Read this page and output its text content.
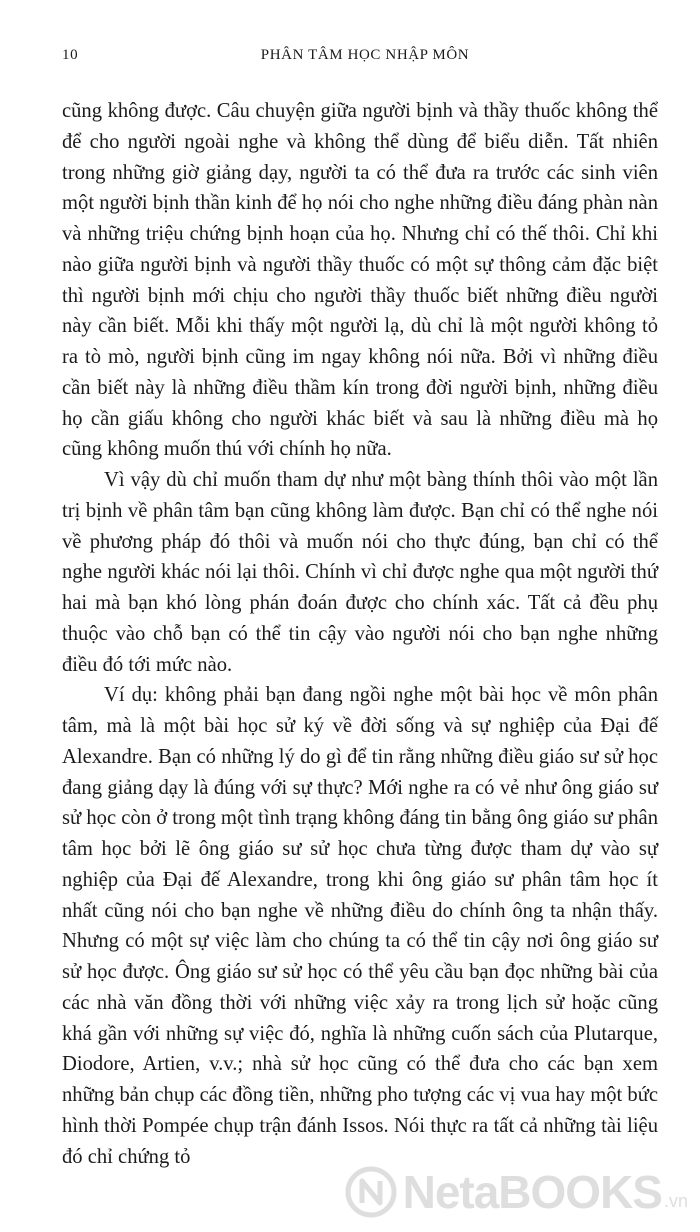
10	PHÂN TÂM HỌC NHẬP MÔN

cũng không được. Câu chuyện giữa người bịnh và thầy thuốc không thể để cho người ngoài nghe và không thể dùng để biểu diễn. Tất nhiên trong những giờ giảng dạy, người ta có thể đưa ra trước các sinh viên một người bịnh thần kinh để họ nói cho nghe những điều đáng phàn nàn và những triệu chứng bịnh hoạn của họ. Nhưng chỉ có thế thôi. Chỉ khi nào giữa người bịnh và người thầy thuốc có một sự thông cảm đặc biệt thì người bịnh mới chịu cho người thầy thuốc biết những điều người này cần biết. Mỗi khi thấy một người lạ, dù chỉ là một người không tỏ ra tò mò, người bịnh cũng im ngay không nói nữa. Bởi vì những điều cần biết này là những điều thầm kín trong đời người bịnh, những điều họ cần giấu không cho người khác biết và sau là những điều mà họ cũng không muốn thú với chính họ nữa.

Vì vậy dù chỉ muốn tham dự như một bàng thính thôi vào một lần trị bịnh về phân tâm bạn cũng không làm được. Bạn chỉ có thể nghe nói về phương pháp đó thôi và muốn nói cho thực đúng, bạn chỉ có thể nghe người khác nói lại thôi. Chính vì chỉ được nghe qua một người thứ hai mà bạn khó lòng phán đoán được cho chính xác. Tất cả đều phụ thuộc vào chỗ bạn có thể tin cậy vào người nói cho bạn nghe những điều đó tới mức nào.

Ví dụ: không phải bạn đang ngồi nghe một bài học về môn phân tâm, mà là một bài học sử ký về đời sống và sự nghiệp của Đại đế Alexandre. Bạn có những lý do gì để tin rằng những điều giáo sư sử học đang giảng dạy là đúng với sự thực? Mới nghe ra có vẻ như ông giáo sư sử học còn ở trong một tình trạng không đáng tin bằng ông giáo sư phân tâm học bởi lẽ ông giáo sư sử học chưa từng được tham dự vào sự nghiệp của Đại đế Alexandre, trong khi ông giáo sư phân tâm học ít nhất cũng nói cho bạn nghe về những điều do chính ông ta nhận thấy. Nhưng có một sự việc làm cho chúng ta có thể tin cậy nơi ông giáo sư sử học được. Ông giáo sư sử học có thể yêu cầu bạn đọc những bài của các nhà văn đồng thời với những việc xảy ra trong lịch sử hoặc cũng khá gần với những sự việc đó, nghĩa là những cuốn sách của Plutarque, Diodore, Artien, v.v.; nhà sử học cũng có thể đưa cho các bạn xem những bản chụp các đồng tiền, những pho tượng các vị vua hay một bức hình thời Pompée chụp trận đánh Issos. Nói thực ra tất cả những tài liệu đó chỉ chứng tỏ

NetaBOOKS .vn
